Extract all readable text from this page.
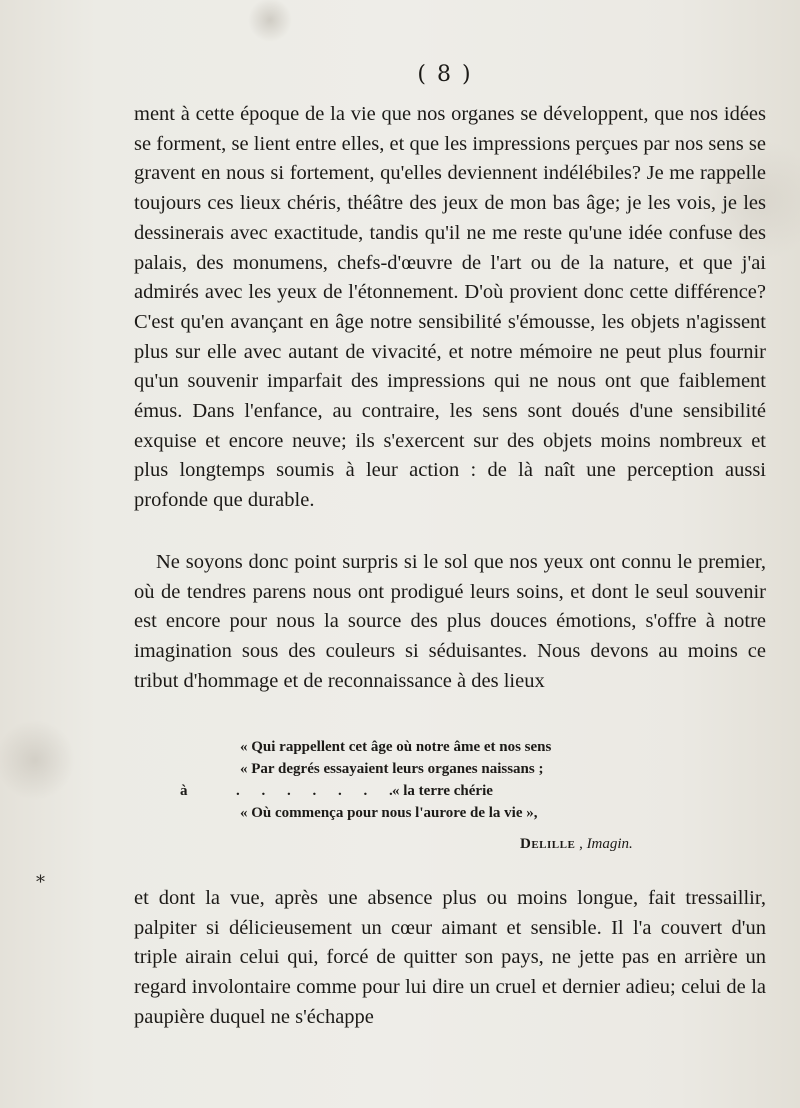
( 8 )

ment à cette époque de la vie que nos organes se développent, que nos idées se forment, se lient entre elles, et que les impressions perçues par nos sens se gravent en nous si fortement, qu'elles deviennent indélébiles? Je me rappelle toujours ces lieux chéris, théâtre des jeux de mon bas âge; je les vois, je les dessinerais avec exactitude, tandis qu'il ne me reste qu'une idée confuse des palais, des monumens, chefs-d'œuvre de l'art ou de la nature, et que j'ai admirés avec les yeux de l'étonnement. D'où provient donc cette différence? C'est qu'en avançant en âge notre sensibilité s'émousse, les objets n'agissent plus sur elle avec autant de vivacité, et notre mémoire ne peut plus fournir qu'un souvenir imparfait des impressions qui ne nous ont que faiblement émus. Dans l'enfance, au contraire, les sens sont doués d'une sensibilité exquise et encore neuve; ils s'exercent sur des objets moins nombreux et plus longtemps soumis à leur action : de là naît une perception aussi profonde que durable.

Ne soyons donc point surpris si le sol que nos yeux ont connu le premier, où de tendres parens nous ont prodigué leurs soins, et dont le seul souvenir est encore pour nous la source des plus douces émotions, s'offre à notre imagination sous des couleurs si séduisantes. Nous devons au moins ce tribut d'hommage et de reconnaissance à des lieux

« Qui rappellent cet âge où notre âme et nos sens
« Par degrés essayaient leurs organes naissans ;
à	. . . . . . .« la terre chérie
« Où commença pour nous l'aurore de la vie »,
Delille , Imagin.
*

et dont la vue, après une absence plus ou moins longue, fait tressaillir, palpiter si délicieusement un cœur aimant et sensible. Il l'a couvert d'un triple airain celui qui, forcé de quitter son pays, ne jette pas en arrière un regard involontaire comme pour lui dire un cruel et dernier adieu; celui de la paupière duquel ne s'échappe
